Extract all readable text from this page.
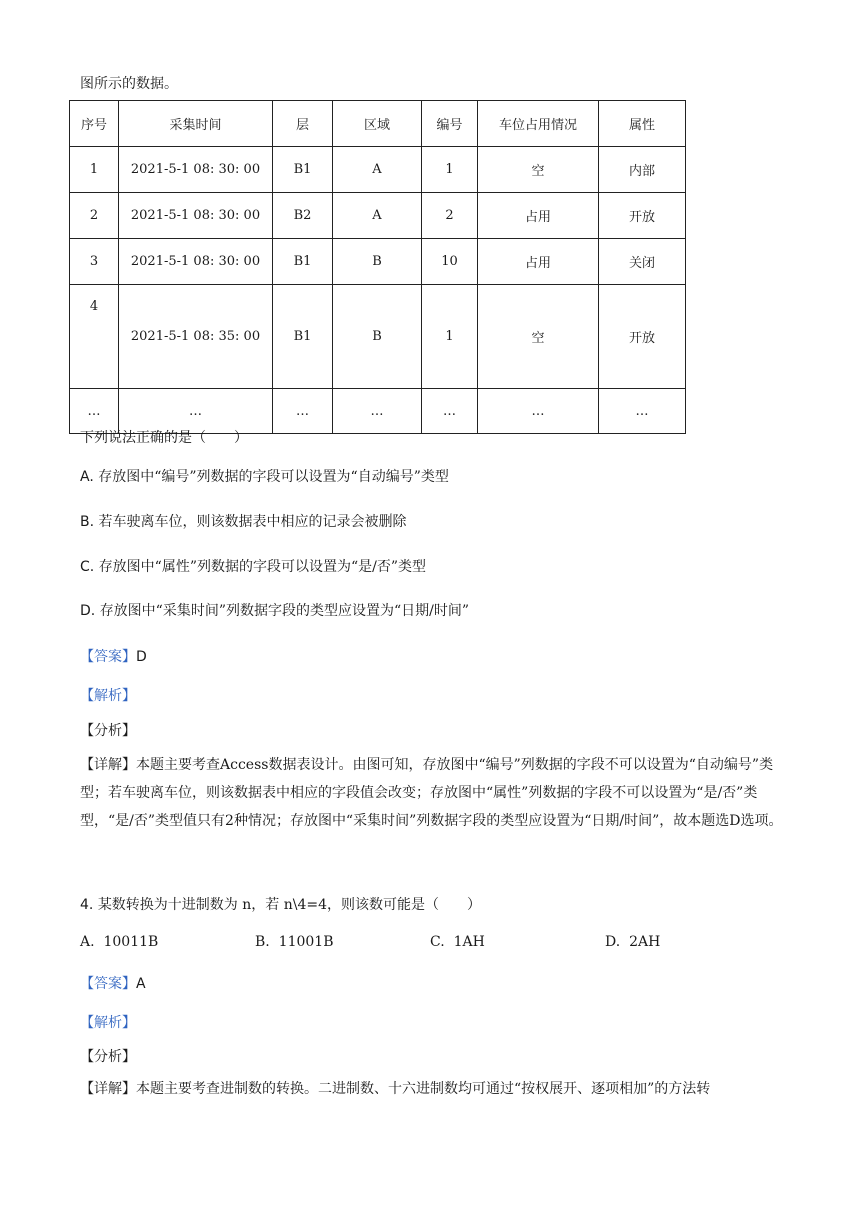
图所示的数据。
序号	采集时间	层	区域	编号	车位占用情况	属性
1	2021-5-1 08: 30: 00	B1	A	1	空	内部
2	2021-5-1 08: 30: 00	B2	A	2	占用	开放
3	2021-5-1 08: 30: 00	B1	B	10	占用	关闭
4	2021-5-1 08: 35: 00	B1	B	1	空	开放
…	…	…	…	…	…	…
下列说法正确的是（　　）
A. 存放图中“编号”列数据的字段可以设置为“自动编号”类型
B. 若车驶离车位，则该数据表中相应的记录会被删除
C. 存放图中“属性”列数据的字段可以设置为“是/否”类型
D. 存放图中“采集时间”列数据字段的类型应设置为“日期/时间”
【答案】D
【解析】
【分析】
【详解】本题主要考查Access数据表设计。由图可知，存放图中“编号”列数据的字段不可以设置为“自动编号”类型；若车驶离车位，则该数据表中相应的字段值会改变；存放图中“属性”列数据的字段不可以设置为“是/否”类型，“是/否”类型值只有2种情况；存放图中“采集时间”列数据字段的类型应设置为“日期/时间”，故本题选D选项。
4. 某数转换为十进制数为 n，若 n\4=4，则该数可能是（　　）
A. 10011B	B. 11001B	C. 1AH	D. 2AH
【答案】A
【解析】
【分析】
【详解】本题主要考查进制数的转换。二进制数、十六进制数均可通过“按权展开、逐项相加”的方法转
